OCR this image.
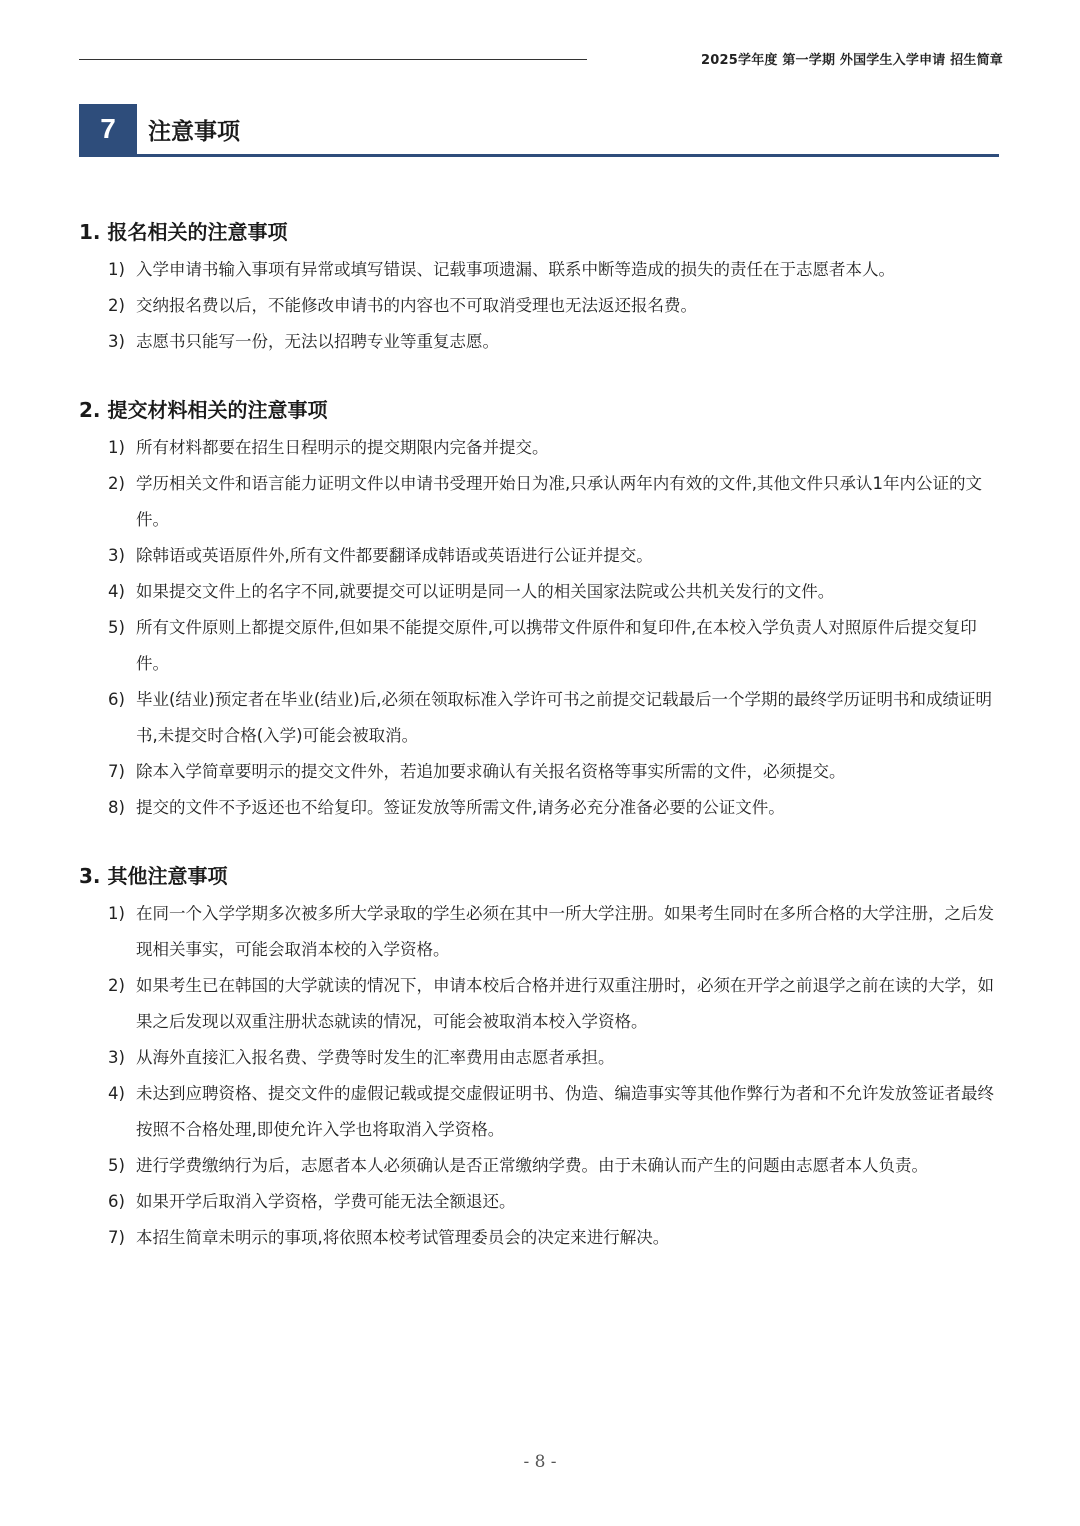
2025学年度 第一学期 外国学生入学申请 招生简章
7	注意事项
1. 报名相关的注意事项
1) 入学申请书输入事项有异常或填写错误、记载事项遗漏、联系中断等造成的损失的责任在于志愿者本人。
2) 交纳报名费以后，不能修改申请书的内容也不可取消受理也无法返还报名费。
3) 志愿书只能写一份，无法以招聘专业等重复志愿。
2. 提交材料相关的注意事项
1) 所有材料都要在招生日程明示的提交期限内完备并提交。
2) 学历相关文件和语言能力证明文件以申请书受理开始日为准,只承认两年内有效的文件,其他文件只承认1年内公证的文件。
3) 除韩语或英语原件外,所有文件都要翻译成韩语或英语进行公证并提交。
4) 如果提交文件上的名字不同,就要提交可以证明是同一人的相关国家法院或公共机关发行的文件。
5) 所有文件原则上都提交原件,但如果不能提交原件,可以携带文件原件和复印件,在本校入学负责人对照原件后提交复印件。
6) 毕业(结业)预定者在毕业(结业)后,必须在领取标准入学许可书之前提交记载最后一个学期的最终学历证明书和成绩证明书,未提交时合格(入学)可能会被取消。
7) 除本入学简章要明示的提交文件外，若追加要求确认有关报名资格等事实所需的文件，必须提交。
8) 提交的文件不予返还也不给复印。签证发放等所需文件,请务必充分准备必要的公证文件。
3. 其他注意事项
1) 在同一个入学学期多次被多所大学录取的学生必须在其中一所大学注册。如果考生同时在多所合格的大学注册，之后发现相关事实，可能会取消本校的入学资格。
2) 如果考生已在韩国的大学就读的情况下，申请本校后合格并进行双重注册时，必须在开学之前退学之前在读的大学，如果之后发现以双重注册状态就读的情况，可能会被取消本校入学资格。
3) 从海外直接汇入报名费、学费等时发生的汇率费用由志愿者承担。
4) 未达到应聘资格、提交文件的虚假记载或提交虚假证明书、伪造、编造事实等其他作弊行为者和不允许发放签证者最终按照不合格处理,即使允许入学也将取消入学资格。
5) 进行学费缴纳行为后，志愿者本人必须确认是否正常缴纳学费。由于未确认而产生的问题由志愿者本人负责。
6) 如果开学后取消入学资格，学费可能无法全额退还。
7) 本招生简章未明示的事项,将依照本校考试管理委员会的决定来进行解决。
- 8 -
